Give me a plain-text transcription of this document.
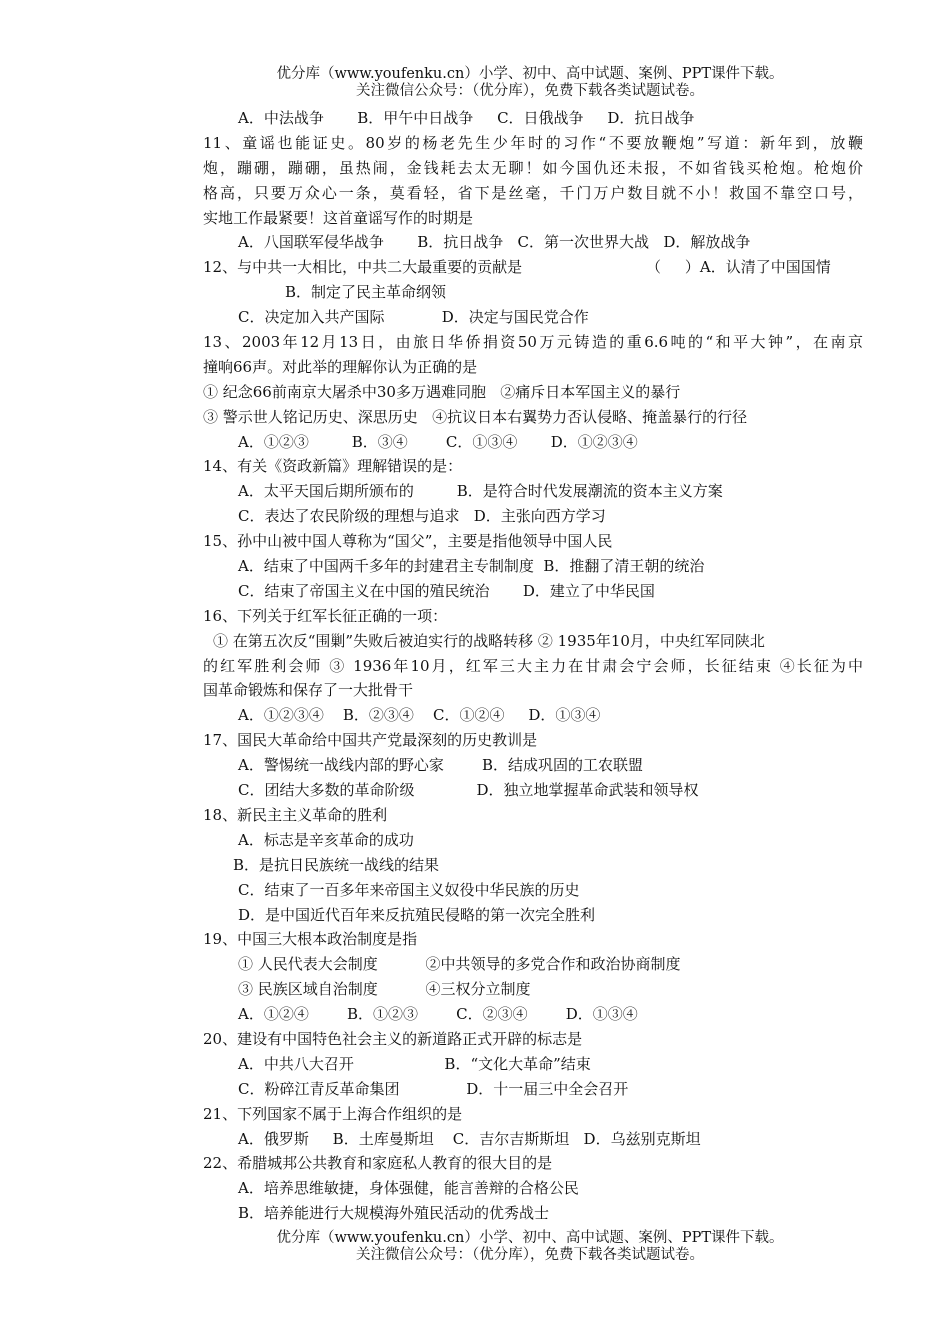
优分库（www.youfenku.cn）小学、初中、高中试题、案例、PPT课件下载。
关注微信公众号：（优分库），免费下载各类试题试卷。
A．中法战争       B．甲午中日战争     C．日俄战争     D．抗日战争
11、童谣也能证史。80岁的杨老先生少年时的习作“不要放鞭炮”写道：新年到，放鞭
炮，蹦硼，蹦硼，虽热闹，金钱耗去太无聊！如今国仇还未报，不如省钱买枪炮。枪炮价
格高，只要万众心一条，莫看轻，省下是丝毫，千门万户数目就不小！救国不靠空口号，
实地工作最紧要！这首童谣写作的时期是
A．八国联军侵华战争       B．抗日战争   C．第一次世界大战   D．解放战争
12、与中共一大相比，中共二大最重要的贡献是                          （     ）A．认清了中国国情
B．制定了民主革命纲领
C．决定加入共产国际            D．决定与国民党合作
13、2003年12月13日，由旅日华侨捐资50万元铸造的重6.6吨的“和平大钟”，在南京
撞响66声。对此举的理解你认为正确的是
① 纪念66前南京大屠杀中30多万遇难同胞   ②痛斥日本军国主义的暴行
③ 警示世人铭记历史、深思历史   ④抗议日本右翼势力否认侵略、掩盖暴行的行径
A．①②③         B．③④        C．①③④       D．①②③④
14、有关《资政新篇》理解错误的是：
A．太平天国后期所颁布的         B．是符合时代发展潮流的资本主义方案
C．表达了农民阶级的理想与追求   D．主张向西方学习
15、孙中山被中国人尊称为“国父”，主要是指他领导中国人民
A．结束了中国两千多年的封建君主专制制度  B．推翻了清王朝的统治
C．结束了帝国主义在中国的殖民统治       D．建立了中华民国
16、下列关于红军长征正确的一项：
① 在第五次反“围剿”失败后被迫实行的战略转移 ② 1935年10月，中央红军同陕北
的红军胜利会师 ③ 1936年10月，红军三大主力在甘肃会宁会师，长征结束 ④长征为中
国革命锻炼和保存了一大批骨干
A．①②③④    B．②③④    C．①②④     D．①③④
17、国民大革命给中国共产党最深刻的历史教训是
A．警惕统一战线内部的野心家        B．结成巩固的工农联盟
C．团结大多数的革命阶级             D．独立地掌握革命武装和领导权
18、新民主主义革命的胜利
A．标志是辛亥革命的成功
B．是抗日民族统一战线的结果
C．结束了一百多年来帝国主义奴役中华民族的历史
D．是中国近代百年来反抗殖民侵略的第一次完全胜利
19、中国三大根本政治制度是指
① 人民代表大会制度          ②中共领导的多党合作和政治协商制度
③ 民族区域自治制度          ④三权分立制度
A．①②④        B．①②③        C．②③④        D．①③④
20、建设有中国特色社会主义的新道路正式开辟的标志是
A．中共八大召开                   B．“文化大革命”结束
C．粉碎江青反革命集团              D．十一届三中全会召开
21、下列国家不属于上海合作组织的是
A．俄罗斯     B．土库曼斯坦    C．吉尔吉斯斯坦   D．乌兹别克斯坦
22、希腊城邦公共教育和家庭私人教育的很大目的是
A．培养思维敏捷，身体强健，能言善辩的合格公民
B．培养能进行大规模海外殖民活动的优秀战士
优分库（www.youfenku.cn）小学、初中、高中试题、案例、PPT课件下载。
关注微信公众号：（优分库），免费下载各类试题试卷。
